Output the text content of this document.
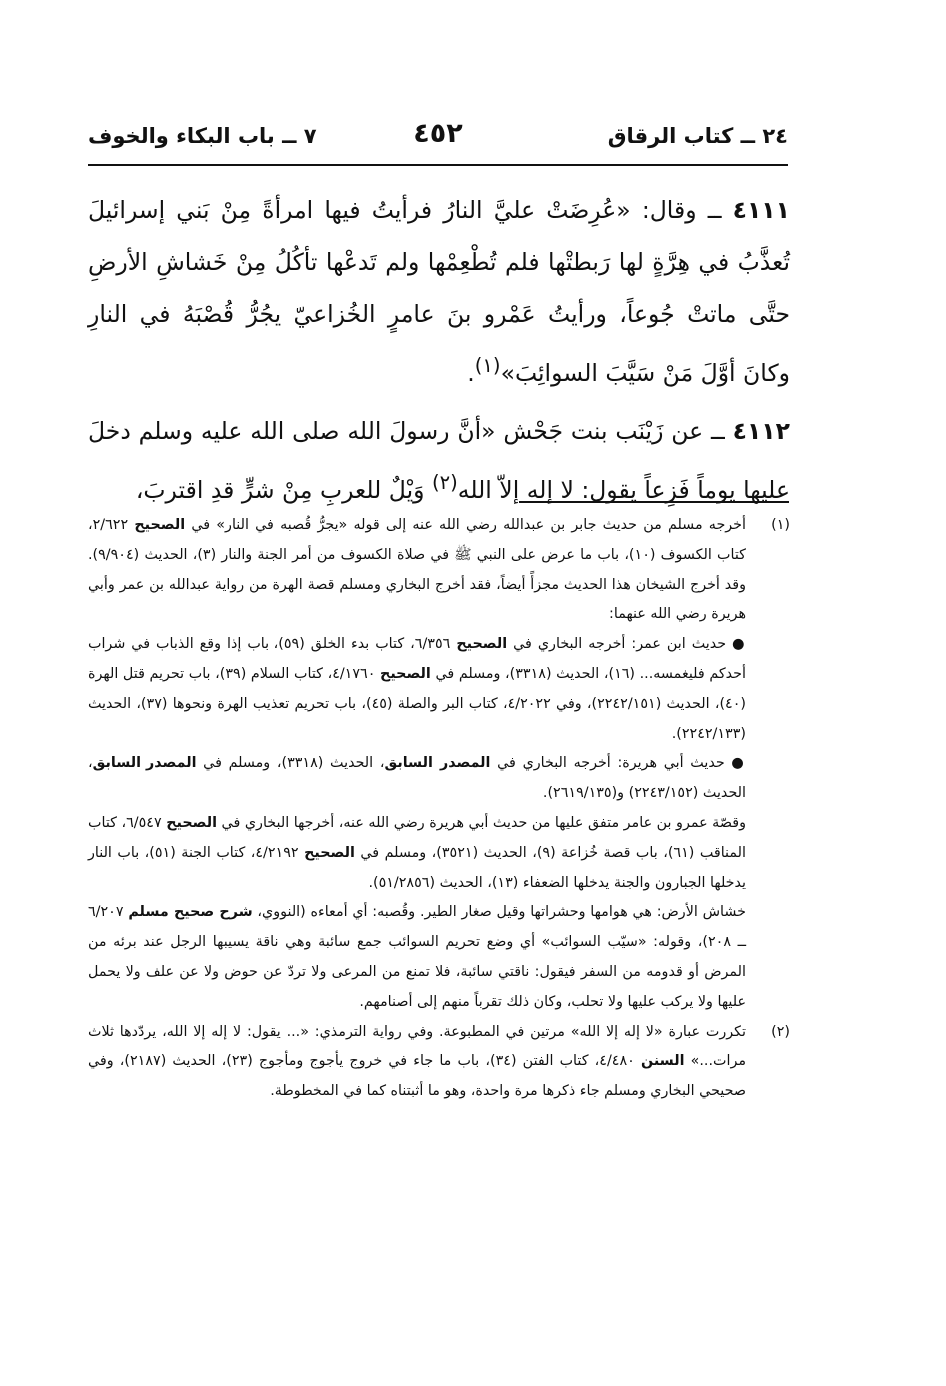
٢٤ ــ كتاب الرقاق
٤٥٢
٧ ــ باب البكاء والخوف

٤١١١ ــ وقال: «عُرِضَتْ عليَّ النارُ فرأيتُ فيها امرأةً مِنْ بَني إسرائيلَ تُعذَّبُ في هِرَّةٍ لها رَبطتْها فلم تُطْعِمْها ولم تَدعْها تأكُلُ مِنْ خَشاشِ الأرضِ حتَّى ماتتْ جُوعاً، ورأيتُ عَمْرو بنَ عامرٍ الخُزاعيّ يجُرُّ قُصْبَهُ في النارِ وكانَ أوَّلَ مَنْ سَيَّبَ السوائِبَ»$^{(١)}$.

٤١١٢ ــ عن زَيْنَب بنت جَحْش «أنَّ رسولَ الله صلى الله عليه وسلم دخلَ عليها يوماً فَزِعاً يقول: لا إله إلاّ الله$^{(٢)}$ وَيْلٌ للعربِ مِنْ شرٍّ قدِ اقتربَ،

(١)

أخرجه مسلم من حديث جابر بن عبدالله رضي الله عنه إلى قوله «يجرُّ قُصبه في النار» في الصحيح ٢/٦٢٢، كتاب الكسوف (١٠)، باب ما عرض على النبي ﷺ في صلاة الكسوف من أمر الجنة والنار (٣)، الحديث (٩/٩٠٤). وقد أخرج الشيخان هذا الحديث مجزأً أيضاً، فقد أخرج البخاري ومسلم قصة الهرة من رواية عبدالله بن عمر وأبي هريرة رضي الله عنهما:

● حديث ابن عمر: أخرجه البخاري في الصحيح ٦/٣٥٦، كتاب بدء الخلق (٥٩)، باب إذا وقع الذباب في شراب أحدكم فليغمسه... (١٦)، الحديث (٣٣١٨)، ومسلم في الصحيح ٤/١٧٦٠، كتاب السلام (٣٩)، باب تحريم قتل الهرة (٤٠)، الحديث (٢٢٤٢/١٥١)، وفي ٤/٢٠٢٢، كتاب البر والصلة (٤٥)، باب تحريم تعذيب الهرة ونحوها (٣٧)، الحديث (٢٢٤٢/١٣٣).

● حديث أبي هريرة: أخرجه البخاري في المصدر السابق، الحديث (٣٣١٨)، ومسلم في المصدر السابق، الحديث (٢٢٤٣/١٥٢) و(٢٦١٩/١٣٥).

وقصّة عمرو بن عامر متفق عليها من حديث أبي هريرة رضي الله عنه، أخرجها البخاري في الصحيح ٦/٥٤٧، كتاب المناقب (٦١)، باب قصة خُزاعة (٩)، الحديث (٣٥٢١)، ومسلم في الصحيح ٤/٢١٩٢، كتاب الجنة (٥١)، باب النار يدخلها الجبارون والجنة يدخلها الضعفاء (١٣)، الحديث (٥١/٢٨٥٦).

خشاش الأرض: هي هوامها وحشراتها وقيل صغار الطير. وقُصبه: أي أمعاءه (النووي، شرح صحيح مسلم ٦/٢٠٧ ــ ٢٠٨)، وقوله: «سيّب السوائب» أي وضع تحريم السوائب جمع سائبة وهي ناقة يسيبها الرجل عند برئه من المرض أو قدومه من السفر فيقول: ناقتي سائبة، فلا تمنع من المرعى ولا تردّ عن حوض ولا عن علف ولا يحمل عليها ولا يركب عليها ولا تحلب، وكان ذلك تقرباً منهم إلى أصنامهم.

(٢)

تكررت عبارة «لا إله إلا الله» مرتين في المطبوعة. وفي رواية الترمذي: «... يقول: لا إله إلا الله، يردّدها ثلاث مرات...» السنن ٤/٤٨٠، كتاب الفتن (٣٤)، باب ما جاء في خروج يأجوج ومأجوج (٢٣)، الحديث (٢١٨٧)، وفي صحيحي البخاري ومسلم جاء ذكرها مرة واحدة، وهو ما أثبتناه كما في المخطوطة.
